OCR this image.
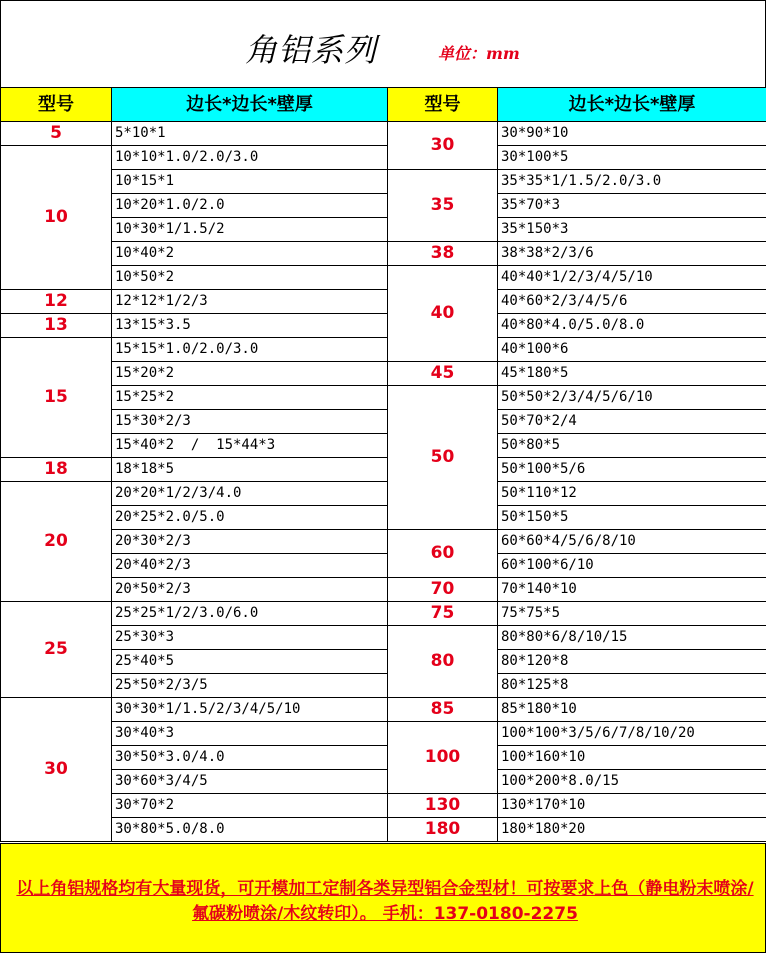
角铝系列	单位：mm
型号	边长*边长*壁厚	型号	边长*边长*壁厚
5	5*10*1	30	30*90*10
10	10*10*1.0/2.0/3.0		30*100*5
	10*15*1	35	35*35*1/1.5/2.0/3.0
	10*20*1.0/2.0		35*70*3
	10*30*1/1.5/2		35*150*3
	10*40*2	38	38*38*2/3/6
	10*50*2	40	40*40*1/2/3/4/5/10
12	12*12*1/2/3		40*60*2/3/4/5/6
13	13*15*3.5		40*80*4.0/5.0/8.0
15	15*15*1.0/2.0/3.0		40*100*6
	15*20*2	45	45*180*5
	15*25*2	50	50*50*2/3/4/5/6/10
	15*30*2/3		50*70*2/4
	15*40*2  /  15*44*3		50*80*5
18	18*18*5		50*100*5/6
20	20*20*1/2/3/4.0		50*110*12
	20*25*2.0/5.0		50*150*5
	20*30*2/3	60	60*60*4/5/6/8/10
	20*40*2/3		60*100*6/10
	20*50*2/3	70	70*140*10
25	25*25*1/2/3.0/6.0	75	75*75*5
	25*30*3	80	80*80*6/8/10/15
	25*40*5		80*120*8
	25*50*2/3/5		80*125*8
30	30*30*1/1.5/2/3/4/5/10	85	85*180*10
	30*40*3	100	100*100*3/5/6/7/8/10/20
	30*50*3.0/4.0		100*160*10
	30*60*3/4/5		100*200*8.0/15
	30*70*2	130	130*170*10
	30*80*5.0/8.0	180	180*180*20
以上角铝规格均有大量现货，可开模加工定制各类异型铝合金型材！可按要求上色（静电粉末喷涂/氟碳粉喷涂/木纹转印）。 手机：137-0180-2275
